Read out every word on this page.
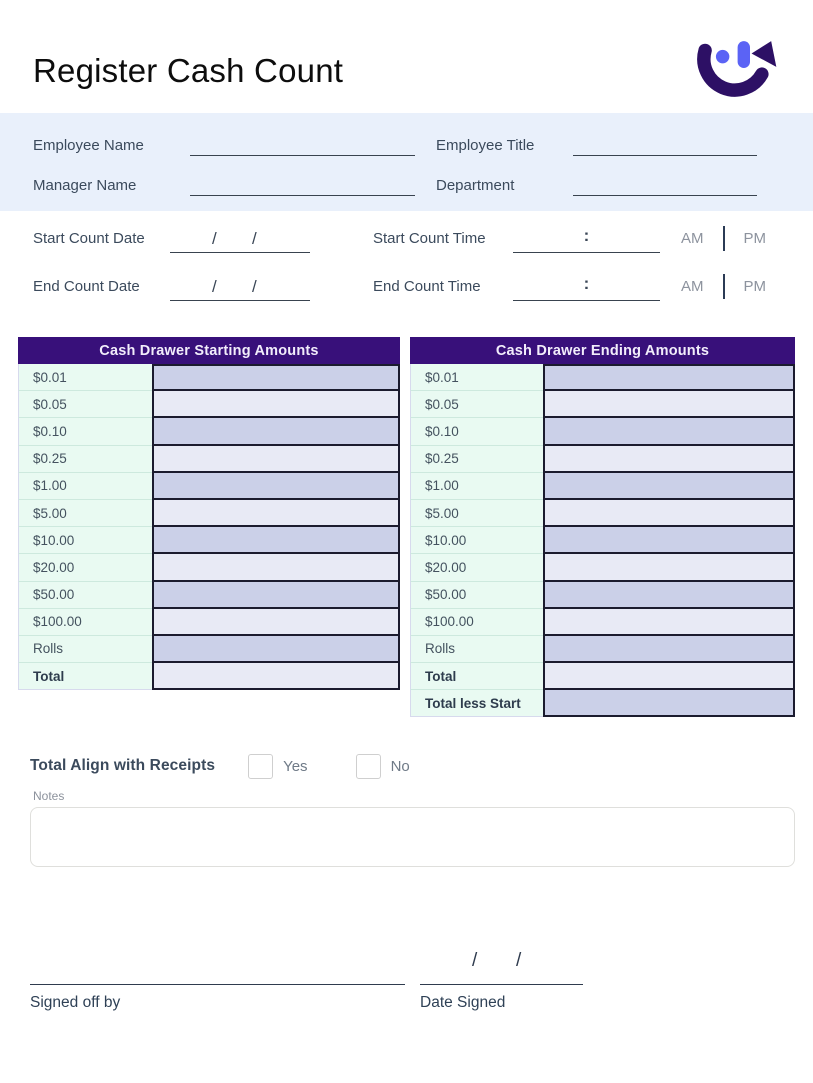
Register Cash Count
Employee Name	Employee Title
Manager Name	Department
Start Count Date	/ /	Start Count Time	:	AM	PM
End Count Date	/ /	End Count Time	:	AM	PM
Cash Drawer Starting Amounts
$0.01
$0.05
$0.10
$0.25
$1.00
$5.00
$10.00
$20.00
$50.00
$100.00
Rolls
Total
Cash Drawer Ending Amounts
$0.01
$0.05
$0.10
$0.25
$1.00
$5.00
$10.00
$20.00
$50.00
$100.00
Rolls
Total
Total less Start
Total Align with Receipts	Yes	No
Notes
/ /
Signed off by	Date Signed
